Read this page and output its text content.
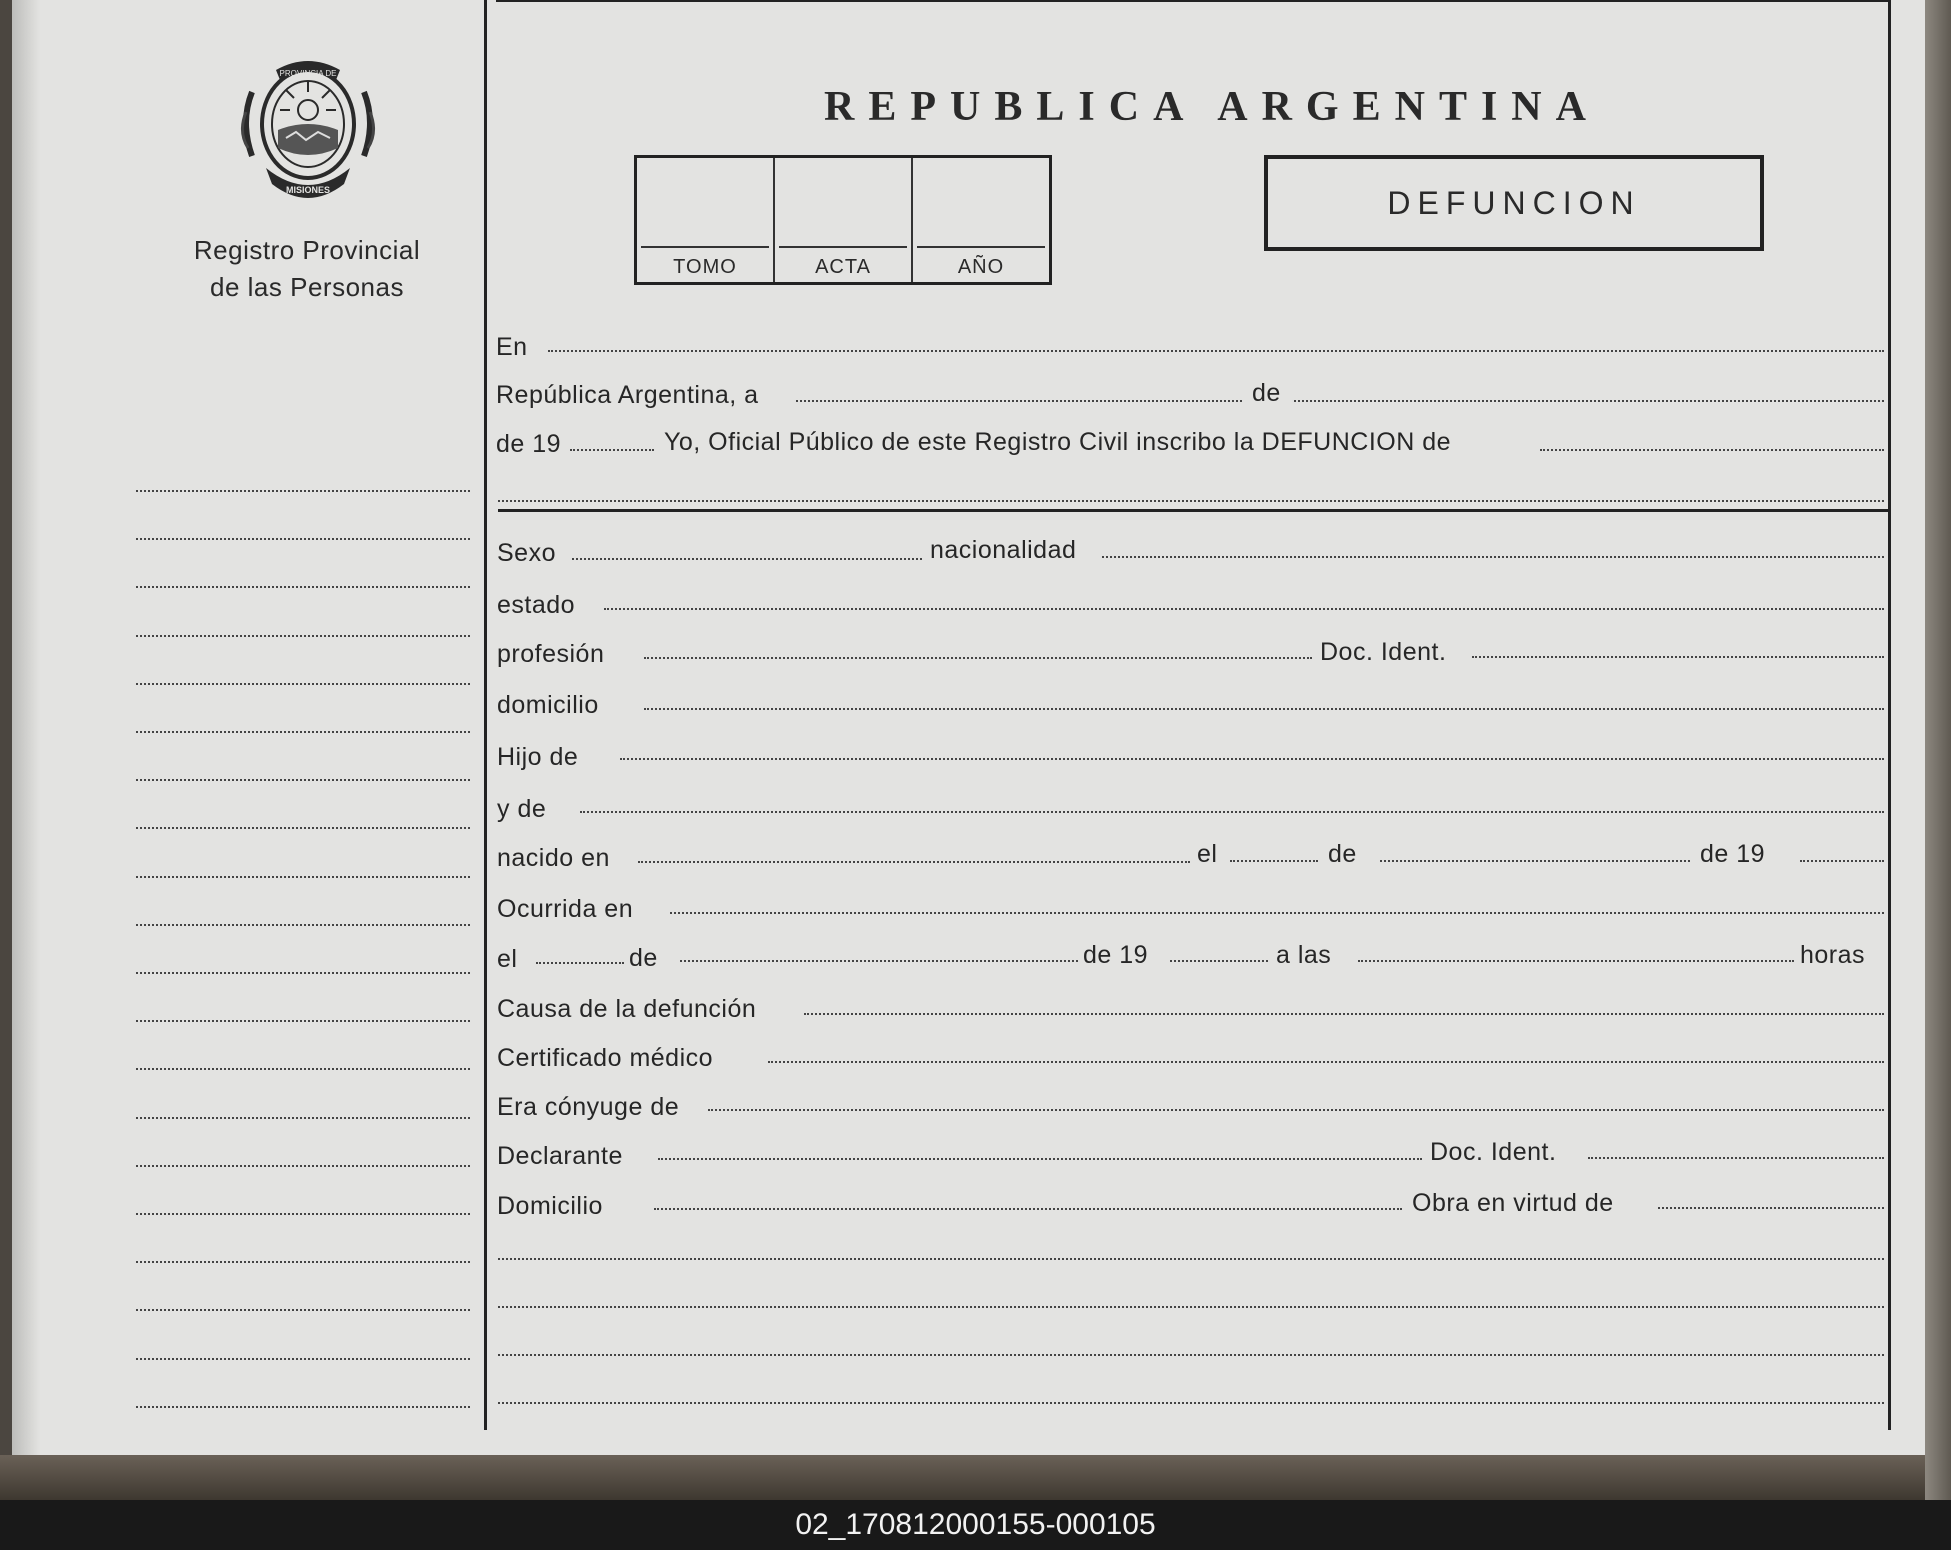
PROVINCIA DE
MISIONES
Registro Provincial
de las Personas
REPUBLICA ARGENTINA
TOMO	ACTA	AÑO
DEFUNCION
En
República Argentina, a	de
de 19	Yo, Oficial Público de este Registro Civil inscribo la DEFUNCION de
Sexo	nacionalidad
estado
profesión	Doc. Ident.
domicilio
Hijo de
y de
nacido en	el	de	de 19
Ocurrida en
el	de	de 19	a las	horas
Causa de la defunción
Certificado médico
Era cónyuge de
Declarante	Doc. Ident.
Domicilio	Obra en virtud de
02_170812000155-000105
